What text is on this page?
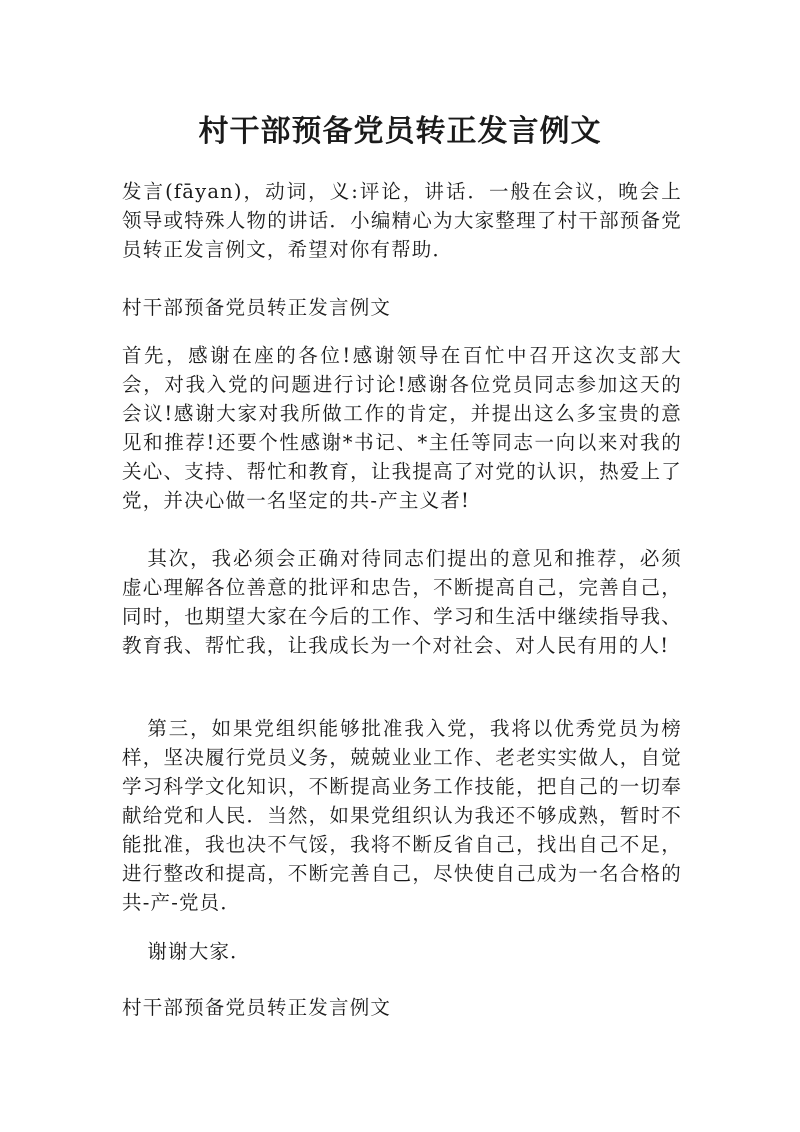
村干部预备党员转正发言例文

发言(fāyan)，动词，义:评论，讲话．一般在会议，晚会上领导或特殊人物的讲话．小编精心为大家整理了村干部预备党员转正发言例文，希望对你有帮助．

村干部预备党员转正发言例文

首先，感谢在座的各位!感谢领导在百忙中召开这次支部大会，对我入党的问题进行讨论!感谢各位党员同志参加这天的会议!感谢大家对我所做工作的肯定，并提出这么多宝贵的意见和推荐!还要个性感谢*书记、*主任等同志一向以来对我的关心、支持、帮忙和教育，让我提高了对党的认识，热爱上了党，并决心做一名坚定的共-产主义者!

其次，我必须会正确对待同志们提出的意见和推荐，必须虚心理解各位善意的批评和忠告，不断提高自己，完善自己，同时，也期望大家在今后的工作、学习和生活中继续指导我、教育我、帮忙我，让我成长为一个对社会、对人民有用的人!

第三，如果党组织能够批准我入党，我将以优秀党员为榜样，坚决履行党员义务，兢兢业业工作、老老实实做人，自觉学习科学文化知识，不断提高业务工作技能，把自己的一切奉献给党和人民．当然，如果党组织认为我还不够成熟，暂时不能批准，我也决不气馁，我将不断反省自己，找出自己不足，进行整改和提高，不断完善自己，尽快使自己成为一名合格的共-产-党员．

谢谢大家．

村干部预备党员转正发言例文
